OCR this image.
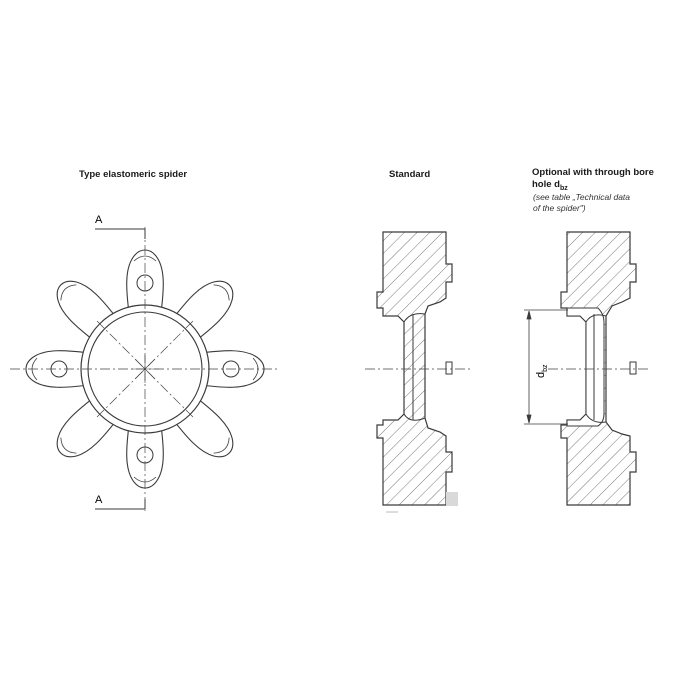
Type elastomeric spider	Standard	Optional with through bore
hole $d_{bz}$
(see table „Technical data
of the spider")
A
A
$d_{bz}$
